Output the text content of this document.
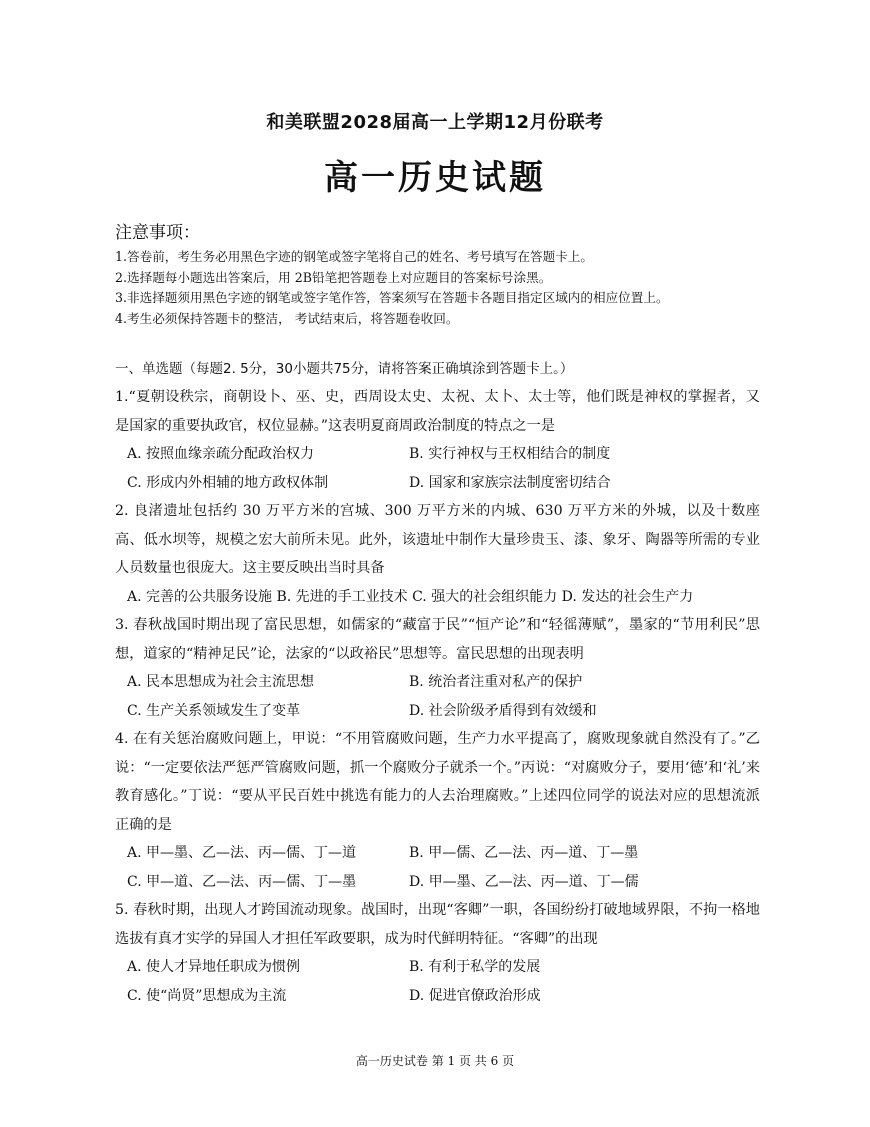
和美联盟2028届高一上学期12月份联考
高一历史试题
注意事项：
1.答卷前，考生务必用黑色字迹的钢笔或签字笔将自己的姓名、考号填写在答题卡上。
2.选择题每小题选出答案后，用 2B铅笔把答题卷上对应题目的答案标号涂黑。
3.非选择题须用黑色字迹的钢笔或签字笔作答，答案须写在答题卡各题目指定区域内的相应位置上。
4.考生必须保持答题卡的整洁， 考试结束后，将答题卷收回。
一、单选题（每题2. 5分，30小题共75分，请将答案正确填涂到答题卡上。）
1.“夏朝设秩宗，商朝设卜、巫、史，西周设太史、太祝、太卜、太士等，他们既是神权的掌握者，又是国家的重要执政官，权位显赫。”这表明夏商周政治制度的特点之一是
A. 按照血缘亲疏分配政治权力	B. 实行神权与王权相结合的制度
C. 形成内外相辅的地方政权体制	D. 国家和家族宗法制度密切结合
2. 良渚遗址包括约 30 万平方米的宫城、300 万平方米的内城、630 万平方米的外城，以及十数座高、低水坝等，规模之宏大前所未见。此外，该遗址中制作大量珍贵玉、漆、象牙、陶器等所需的专业人员数量也很庞大。这主要反映出当时具备
A. 完善的公共服务设施 B. 先进的手工业技术 C. 强大的社会组织能力 D. 发达的社会生产力
3. 春秋战国时期出现了富民思想，如儒家的“藏富于民”“恒产论”和“轻徭薄赋”，墨家的“节用利民”思想，道家的“精神足民”论，法家的“以政裕民”思想等。富民思想的出现表明
A. 民本思想成为社会主流思想	B. 统治者注重对私产的保护
C. 生产关系领域发生了变革	D. 社会阶级矛盾得到有效缓和
4. 在有关惩治腐败问题上，甲说：“不用管腐败问题，生产力水平提高了，腐败现象就自然没有了。”乙说：“一定要依法严惩严管腐败问题，抓一个腐败分子就杀一个。”丙说：“对腐败分子，要用‘德’和‘礼’来教育感化。”丁说：“要从平民百姓中挑选有能力的人去治理腐败。”上述四位同学的说法对应的思想流派正确的是
A. 甲—墨、乙—法、丙—儒、丁—道	B. 甲—儒、乙—法、丙—道、丁—墨
C. 甲—道、乙—法、丙—儒、丁—墨	D. 甲—墨、乙—法、丙—道、丁—儒
5. 春秋时期，出现人才跨国流动现象。战国时，出现“客卿”一职，各国纷纷打破地域界限，不拘一格地选拔有真才实学的异国人才担任军政要职，成为时代鲜明特征。“客卿”的出现
A. 使人才异地任职成为惯例	B. 有利于私学的发展
C. 使“尚贤”思想成为主流	D. 促进官僚政治形成
高一历史试卷 第 1 页 共 6 页
